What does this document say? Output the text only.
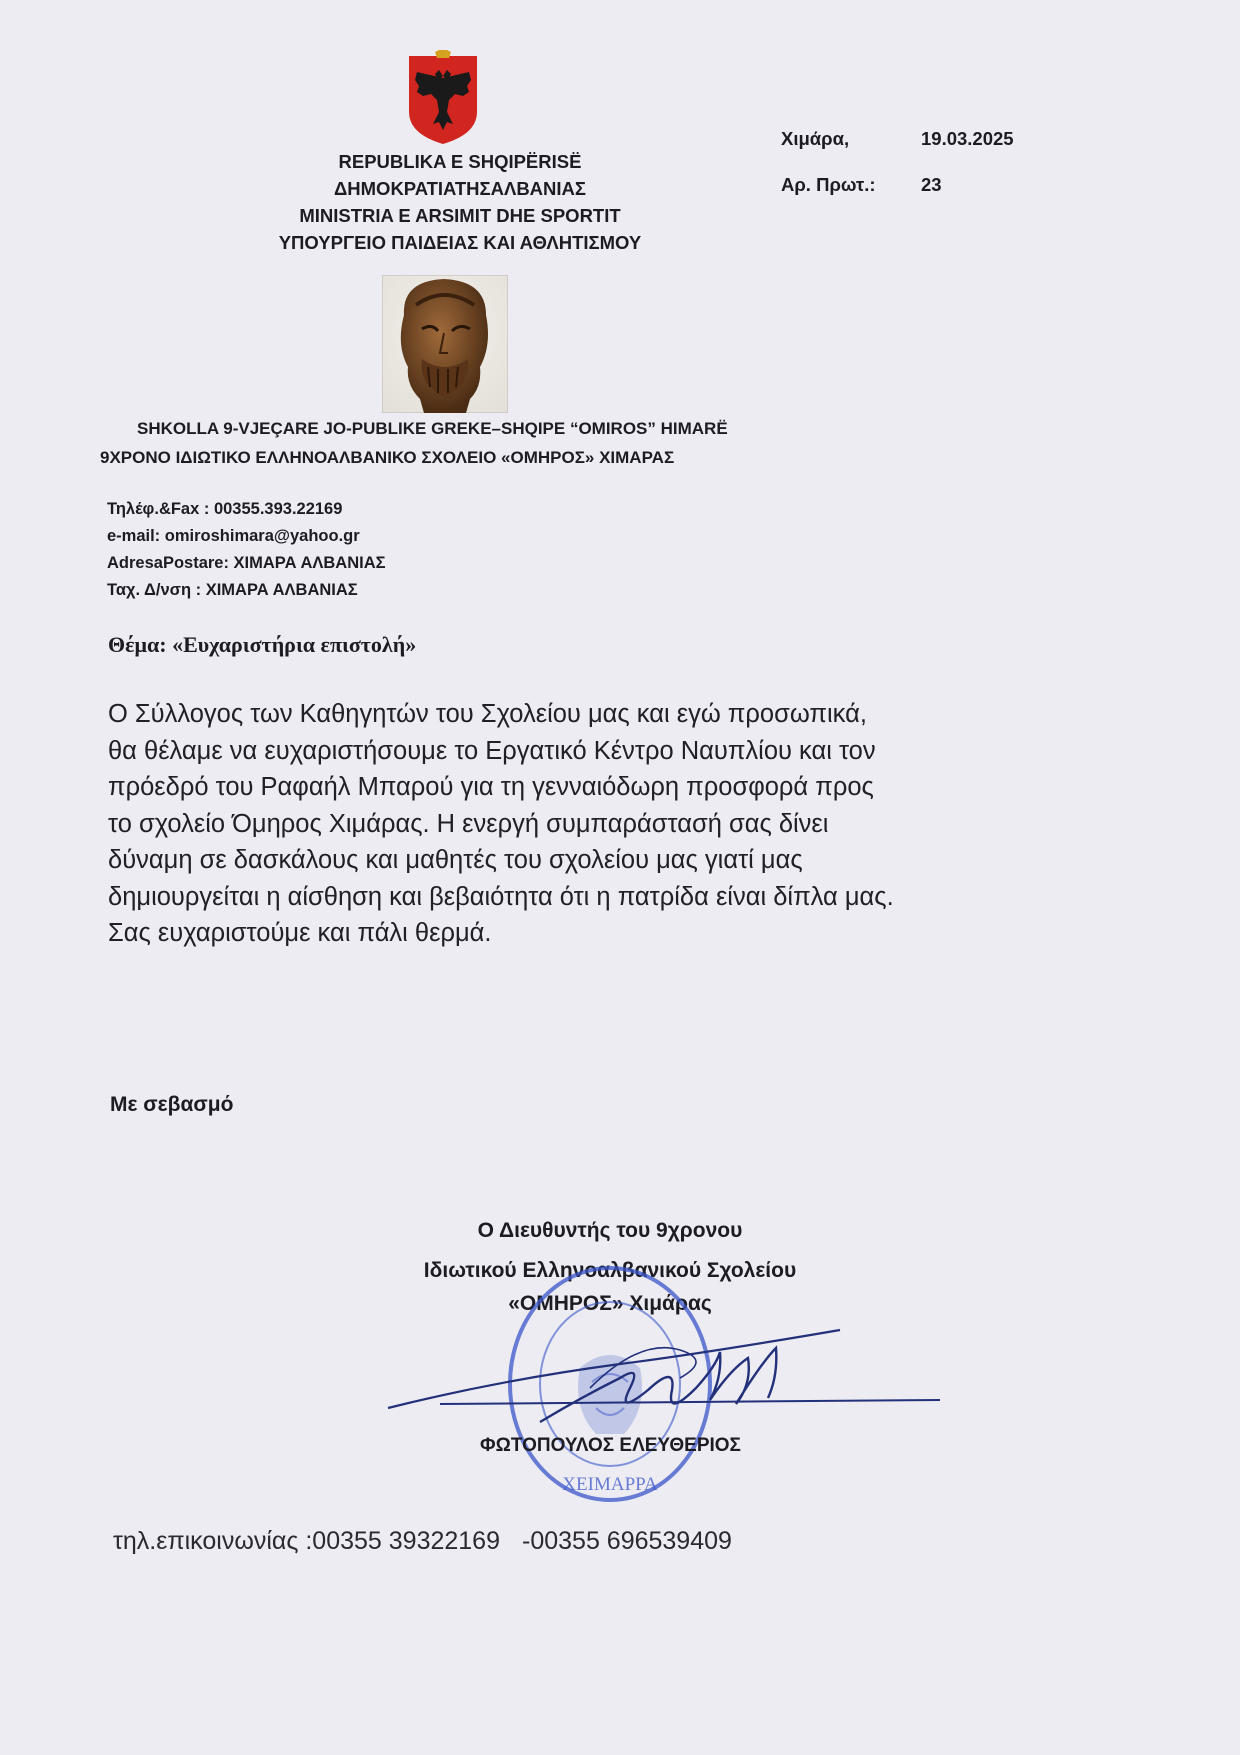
REPUBLIKA E SHQIPËRISË
ΔΗΜΟΚΡΑΤΙΑΤΗΣΑΛΒΑΝΙΑΣ
MINISTRIA E ARSIMIT DHE SPORTIT
ΥΠΟΥΡΓΕΙΟ ΠΑΙΔΕΙΑΣ ΚΑΙ ΑΘΛΗΤΙΣΜΟΥ
Χιμάρα,	19.03.2025
Αρ. Πρωτ.: 23
SHKOLLA 9-VJEÇARE JO-PUBLIKE GREKE–SHQIPE “OMIROS” HIMARË
9ΧΡΟΝΟ ΙΔΙΩΤΙΚΟ ΕΛΛΗΝΟΑΛΒΑΝΙΚΟ ΣΧΟΛΕΙΟ «ΟΜΗΡΟΣ» ΧΙΜΑΡΑΣ
Τηλέφ.&Fax : 00355.393.22169
e-mail: omiroshimara@yahoo.gr
AdresaPostare: ΧΙΜΑΡΑ ΑΛΒΑΝΙΑΣ
Ταχ. Δ/νση : ΧΙΜΑΡΑ ΑΛΒΑΝΙΑΣ
Θέμα: «Ευχαριστήρια επιστολή»
Ο Σύλλογος των Καθηγητών του Σχολείου μας και εγώ προσωπικά,
θα θέλαμε να ευχαριστήσουμε το Εργατικό Κέντρο Ναυπλίου και τον
πρόεδρό του Ραφαήλ Μπαρού για τη γενναιόδωρη προσφορά προς
το σχολείο Όμηρος Χιμάρας. Η ενεργή συμπαράστασή σας δίνει
δύναμη σε δασκάλους και μαθητές του σχολείου μας γιατί μας
δημιουργείται η αίσθηση και βεβαιότητα ότι η πατρίδα είναι δίπλα μας.
Σας ευχαριστούμε και πάλι θερμά.
Με σεβασμό
Ο Διευθυντής του 9χρονου
Ιδιωτικού Ελληνοαλβανικού Σχολείου
«ΟΜΗΡΟΣ» Χιμάρας
ΧΕΙΜΑΡΡΑ
ΦΩΤΟΠΟΥΛΟΣ ΕΛΕΥΘΕΡΙΟΣ
τηλ.επικοινωνίας :00355 39322169 -00355 696539409
